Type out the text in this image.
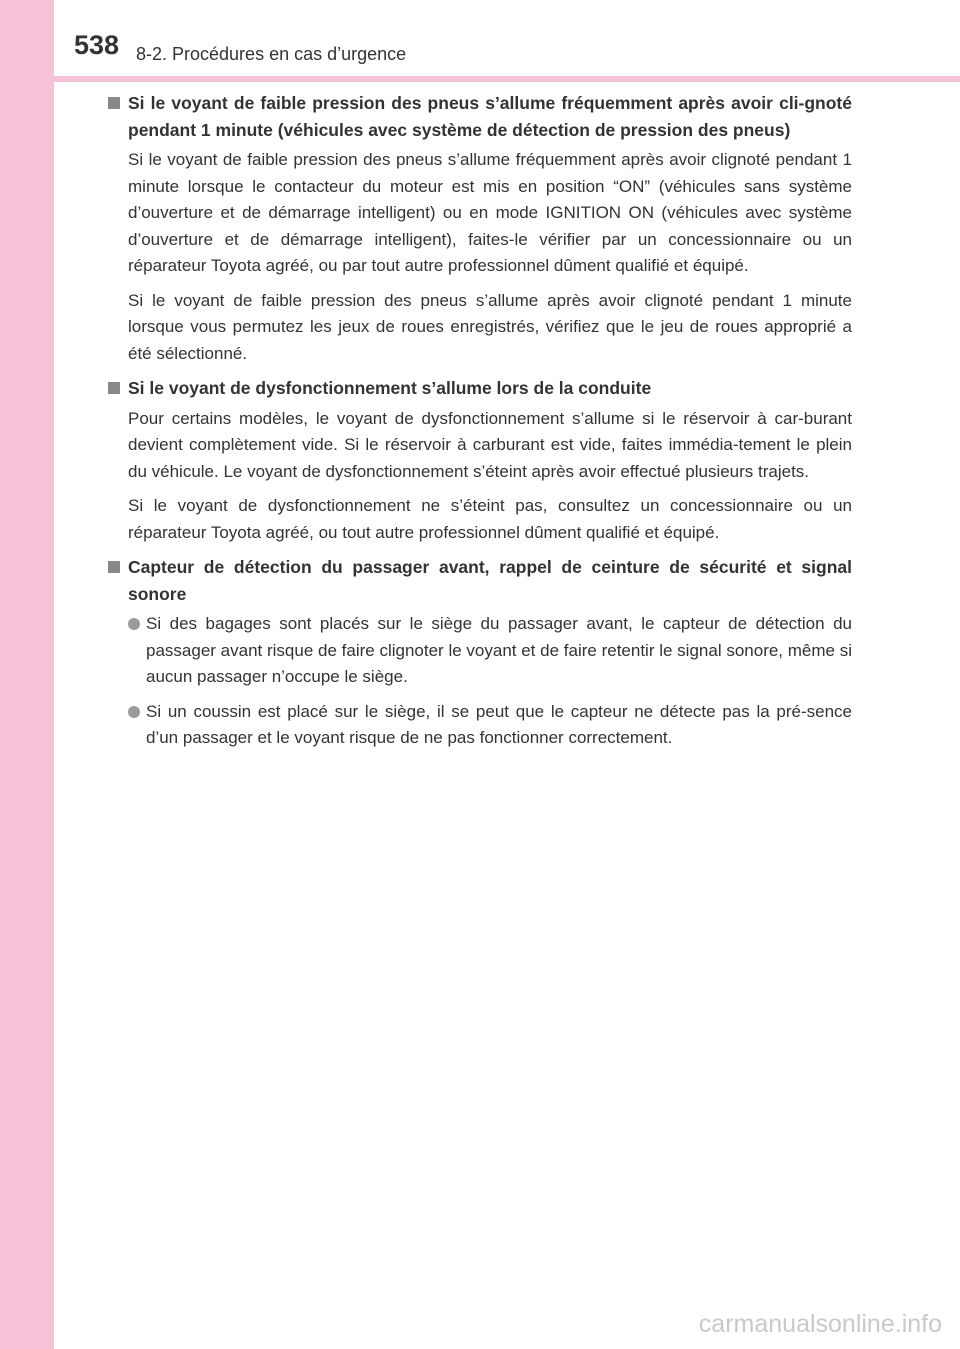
538 8-2. Procédures en cas d’urgence
Si le voyant de faible pression des pneus s’allume fréquemment après avoir cli-gnoté pendant 1 minute (véhicules avec système de détection de pression des pneus)

Si le voyant de faible pression des pneus s’allume fréquemment après avoir clignoté pendant 1 minute lorsque le contacteur du moteur est mis en position “ON” (véhicules sans système d’ouverture et de démarrage intelligent) ou en mode IGNITION ON (véhicules avec système d’ouverture et de démarrage intelligent), faites-le vérifier par un concessionnaire ou un réparateur Toyota agréé, ou par tout autre professionnel dûment qualifié et équipé.

Si le voyant de faible pression des pneus s’allume après avoir clignoté pendant 1 minute lorsque vous permutez les jeux de roues enregistrés, vérifiez que le jeu de roues approprié a été sélectionné.

Si le voyant de dysfonctionnement s’allume lors de la conduite

Pour certains modèles, le voyant de dysfonctionnement s’allume si le réservoir à car-burant devient complètement vide. Si le réservoir à carburant est vide, faites immédia-tement le plein du véhicule. Le voyant de dysfonctionnement s’éteint après avoir effectué plusieurs trajets.

Si le voyant de dysfonctionnement ne s’éteint pas, consultez un concessionnaire ou un réparateur Toyota agréé, ou tout autre professionnel dûment qualifié et équipé.

Capteur de détection du passager avant, rappel de ceinture de sécurité et signal sonore
Si des bagages sont placés sur le siège du passager avant, le capteur de détection du passager avant risque de faire clignoter le voyant et de faire retentir le signal sonore, même si aucun passager n’occupe le siège.
Si un coussin est placé sur le siège, il se peut que le capteur ne détecte pas la pré-sence d’un passager et le voyant risque de ne pas fonctionner correctement.
carmanualsonline.info
